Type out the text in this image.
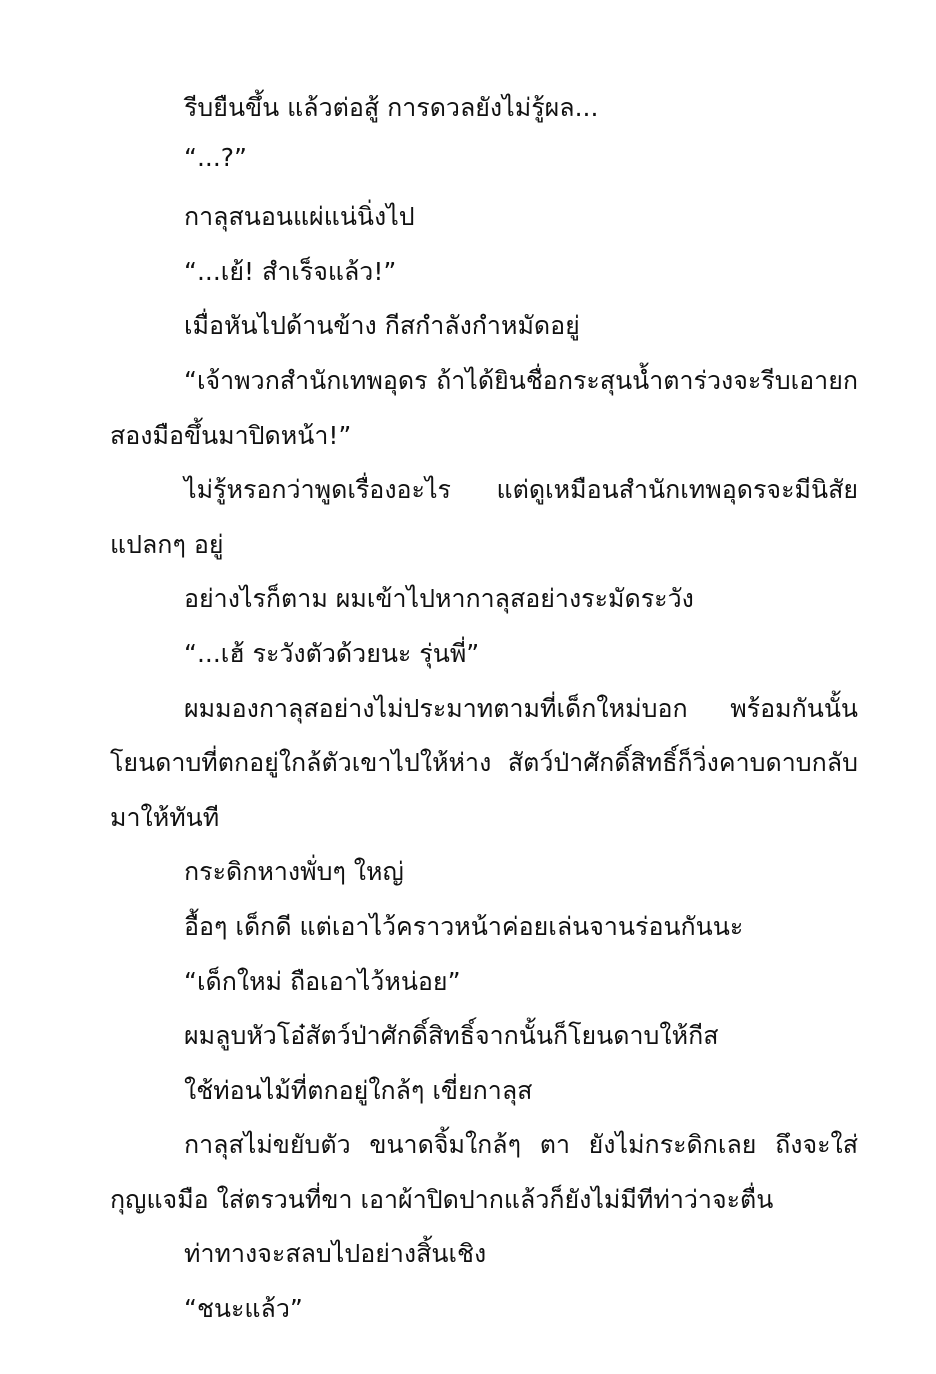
รีบยืนขึ้น แล้วต่อสู้ การดวลยังไม่รู้ผล...
“...?”
กาลุสนอนแผ่แน่นิ่งไป
“...เย้! สำเร็จแล้ว!”
เมื่อหันไปด้านข้าง กีสกำลังกำหมัดอยู่
“เจ้าพวกสำนักเทพอุดร ถ้าได้ยินชื่อกระสุนน้ำตาร่วงจะรีบเอายก
สองมือขึ้นมาปิดหน้า!”
ไม่รู้หรอกว่าพูดเรื่องอะไร แต่ดูเหมือนสำนักเทพอุดรจะมีนิสัย
แปลกๆ อยู่
อย่างไรก็ตาม ผมเข้าไปหากาลุสอย่างระมัดระวัง
“...เฮ้ ระวังตัวด้วยนะ รุ่นพี่”
ผมมองกาลุสอย่างไม่ประมาทตามที่เด็กใหม่บอก พร้อมกันนั้น
โยนดาบที่ตกอยู่ใกล้ตัวเขาไปให้ห่าง สัตว์ป่าศักดิ์สิทธิ์ก็วิ่งคาบดาบกลับ
มาให้ทันที
กระดิกหางพั่บๆ ใหญ่
อื้อๆ เด็กดี แต่เอาไว้คราวหน้าค่อยเล่นจานร่อนกันนะ
“เด็กใหม่ ถือเอาไว้หน่อย”
ผมลูบหัวโอ๋สัตว์ป่าศักดิ์สิทธิ์จากนั้นก็โยนดาบให้กีส
ใช้ท่อนไม้ที่ตกอยู่ใกล้ๆ เขี่ยกาลุส
กาลุสไม่ขยับตัว ขนาดจิ้มใกล้ๆ ตา ยังไม่กระดิกเลย ถึงจะใส่
กุญแจมือ ใส่ตรวนที่ขา เอาผ้าปิดปากแล้วก็ยังไม่มีทีท่าว่าจะตื่น
ท่าทางจะสลบไปอย่างสิ้นเชิง
“ชนะแล้ว”
